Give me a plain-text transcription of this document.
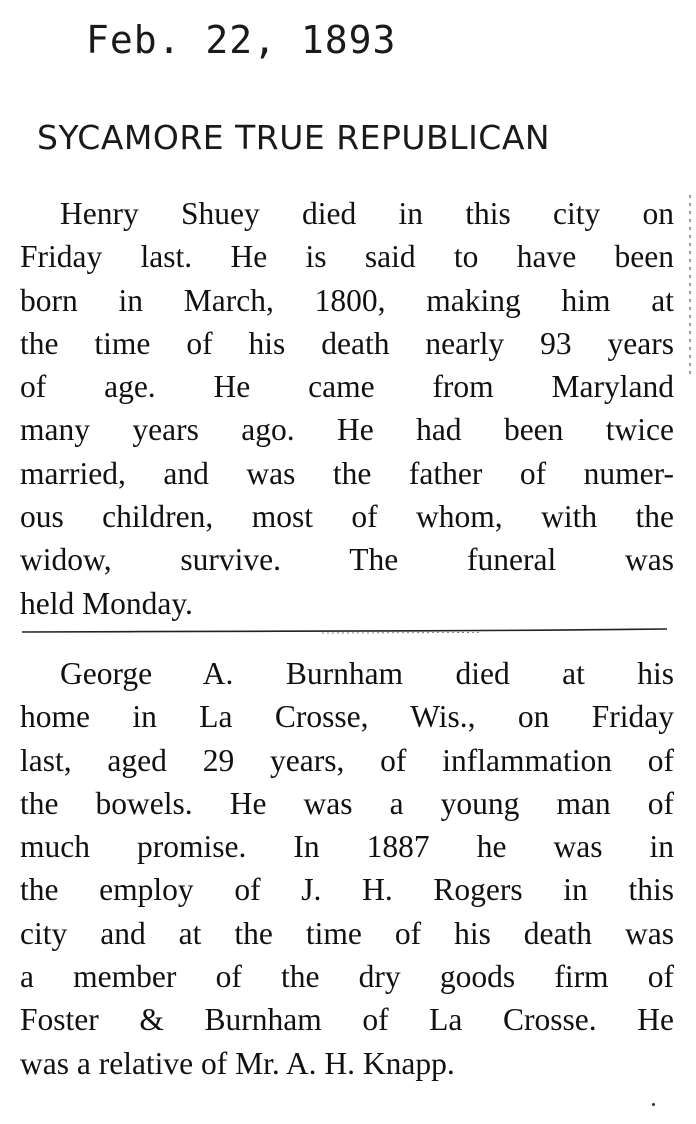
Feb. 22, 1893
SYCAMORE TRUE REPUBLICAN
Henry Shuey died in this city on
Friday last. He is said to have been
born in March, 1800, making him at
the time of his death nearly 93 years
of age. He came from Maryland
many years ago. He had been twice
married, and was the father of numer-
ous children, most of whom, with the
widow, survive. The funeral was
held Monday.
George A. Burnham died at his
home in La Crosse, Wis., on Friday
last, aged 29 years, of inflammation of
the bowels. He was a young man of
much promise. In 1887 he was in
the employ of J. H. Rogers in this
city and at the time of his death was
a member of the dry goods firm of
Foster & Burnham of La Crosse. He
was a relative of Mr. A. H. Knapp.
